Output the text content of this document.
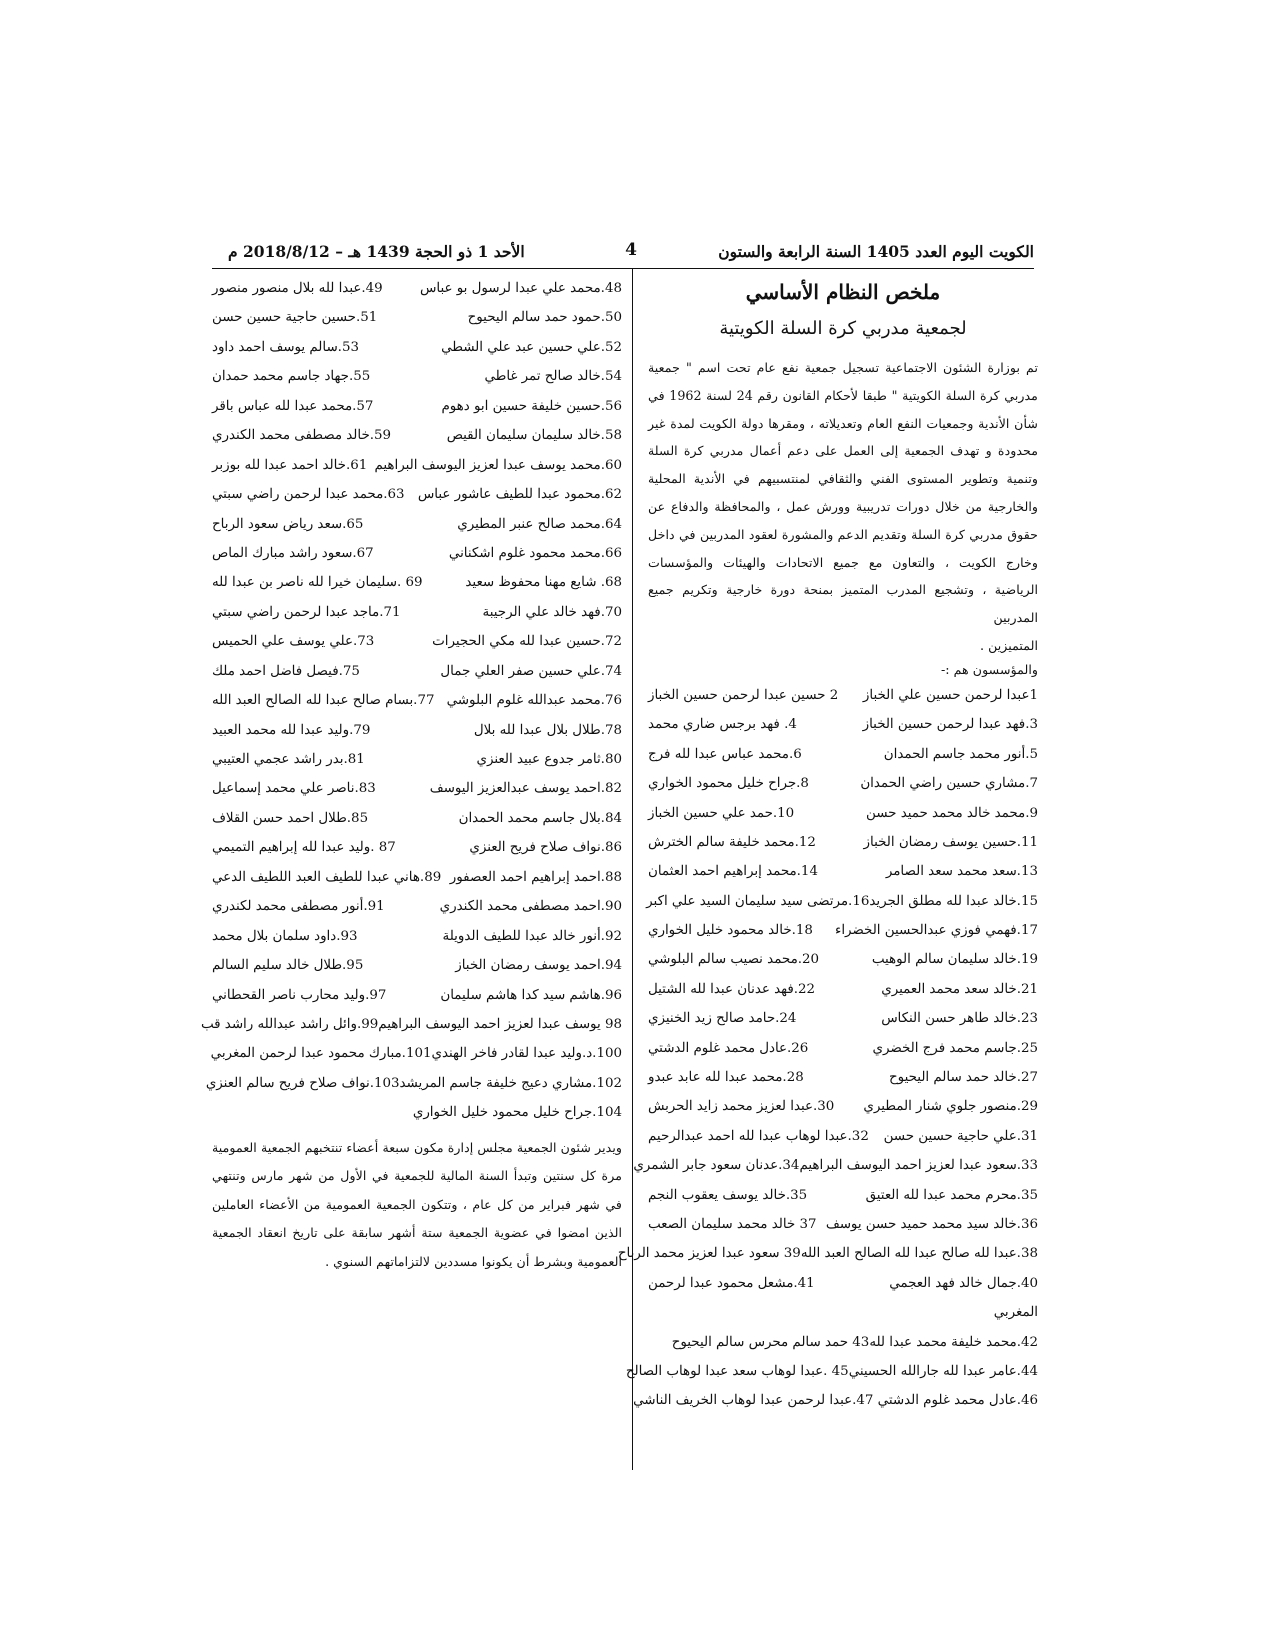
الكويت اليوم العدد 1405 السنة الرابعة والستون
4
الأحد 1 ذو الحجة 1439 هـ – 2018/8/12 م
ملخص النظام الأساسي
لجمعية مدربي كرة السلة الكويتية
تم بوزارة الشئون الاجتماعية تسجيل جمعية نفع عام تحت اسم " جمعية مدربي كرة السلة الكويتية " طبقا لأحكام القانون رقم 24 لسنة 1962 في شأن الأندية وجمعيات النفع العام وتعديلاته ، ومقرها دولة الكويت لمدة غير محدودة و تهدف الجمعية إلى العمل على دعم أعمال مدربي كرة السلة وتنمية وتطوير المستوى الفني والثقافي لمنتسبيهم في الأندية المحلية والخارجية من خلال دورات تدريبية وورش عمل ، والمحافظة والدفاع عن حقوق مدربي كرة السلة وتقديم الدعم والمشورة لعقود المدربين في داخل وخارج الكويت ، والتعاون مع جميع الاتحادات والهيئات والمؤسسات الرياضية ، وتشجيع المدرب المتميز بمنحة دورة خارجية وتكريم جميع المدربين
المتميزين .
والمؤسسون هم :-
1عبدا لرحمن حسين علي الخباز
2 حسين عبدا لرحمن حسين الخباز
3.فهد عبدا لرحمن حسين الخباز
4. فهد برجس ضاري محمد
5.أنور محمد جاسم الحمدان
6.محمد عباس عبدا لله فرج
7.مشاري حسين راضي الحمدان
8.جراح خليل محمود الخواري
9.محمد خالد محمد حميد حسن
10.حمد علي حسين الخباز
11.حسين يوسف رمضان الخباز
12.محمد خليفة سالم الخترش
13.سعد محمد سعد الصامر
14.محمد إبراهيم احمد العثمان
15.خالد عبدا لله مطلق الجريد
16.مرتضى سيد سليمان السيد علي اكبر
17.فهمي فوزي عبدالحسين الخضراء
18.خالد محمود خليل الخواري
19.خالد سليمان سالم الوهيب
20.محمد نصيب سالم البلوشي
21.خالد سعد محمد العميري
22.فهد عدنان عبدا لله الشتيل
23.خالد طاهر حسن النكاس
24.حامد صالح زيد الخنيزي
25.جاسم محمد فرج الخضري
26.عادل محمد غلوم الدشتي
27.خالد حمد سالم اليحيوح
28.محمد عبدا لله عابد عبدو
29.منصور جلوي شنار المطيري
30.عبدا لعزيز محمد زايد الحربش
31.علي حاجية حسين حسن
32.عبدا لوهاب عبدا لله احمد عبدالرحيم
33.سعود عبدا لعزيز احمد اليوسف البراهيم
34.عدنان سعود جابر الشمري
35.محرم محمد عبدا لله العتيق
35.خالد يوسف يعقوب النجم
36.خالد سيد محمد حميد حسن يوسف
37 خالد محمد سليمان الصعب
38.عبدا لله صالح عبدا لله الصالح العبد الله
39 سعود عبدا لعزيز محمد الرباح
40.جمال خالد فهد العجمي
41.مشعل محمود عبدا لرحمن
المغربي
42.محمد خليفة محمد عبدا لله43 حمد سالم محرس سالم اليحيوح
44.عامر عبدا لله جارالله الحسيني45 .عبدا لوهاب سعد عبدا لوهاب الصالح
46.عادل محمد غلوم الدشتي 47.عبدا لرحمن عبدا لوهاب الخريف الناشي
48.محمد علي عبدا لرسول بو عباس
49.عبدا لله بلال منصور منصور
50.حمود حمد سالم اليحيوح
51.حسين حاجية حسين حسن
52.علي حسين عبد علي الشطي
53.سالم يوسف احمد داود
54.خالد صالح تمر غاطي
55.جهاد جاسم محمد حمدان
56.حسين خليفة حسين ابو دهوم
57.محمد عبدا لله عباس باقر
58.خالد سليمان سليمان القيص
59.خالد مصطفى محمد الكندري
60.محمد يوسف عبدا لعزيز اليوسف البراهيم
61.خالد احمد عبدا لله بوزبر
62.محمود عبدا للطيف عاشور عباس
63.محمد عبدا لرحمن راضي سبتي
64.محمد صالح عنبر المطيري
65.سعد رياض سعود الرباح
66.محمد محمود غلوم اشكناني
67.سعود راشد مبارك الماص
68. شايع مهنا محفوظ سعيد
69 .سليمان خيرا لله ناصر بن عبدا لله
70.فهد خالد علي الرجيبة
71.ماجد عبدا لرحمن راضي سبتي
72.حسين عبدا لله مكي الحجيرات
73.علي يوسف علي الحميس
74.علي حسين صفر العلي جمال
75.فيصل فاضل احمد ملك
76.محمد عبدالله غلوم البلوشي
77.بسام صالح عبدا لله الصالح العبد الله
78.طلال بلال عبدا لله بلال
79.وليد عبدا لله محمد العبيد
80.ثامر جدوع عبيد العنزي
81.بدر راشد عجمي العتيبي
82.احمد يوسف عبدالعزيز اليوسف
83.ناصر علي محمد إسماعيل
84.بلال جاسم محمد الحمدان
85.طلال احمد حسن القلاف
86.نواف صلاح فريح العنزي
87 .وليد عبدا لله إبراهيم التميمي
88.احمد إبراهيم احمد العصفور
89.هاني عبدا للطيف العبد اللطيف الدعي
90.احمد مصطفى محمد الكندري
91.أنور مصطفى محمد لكندري
92.أنور خالد عبدا للطيف الدويلة
93.داود سلمان بلال محمد
94.احمد يوسف رمضان الخباز
95.طلال خالد سليم السالم
96.هاشم سيد كدا هاشم سليمان
97.وليد محارب ناصر القحطاني
98 يوسف عبدا لعزيز احمد اليوسف البراهيم
99.وائل راشد عبدالله راشد قب
100.د.وليد عبدا لقادر فاخر الهندي
101.مبارك محمود عبدا لرحمن المغربي
102.مشاري دعيج خليفة جاسم المريشد
103.نواف صلاح فريح سالم العنزي
104.جراح خليل محمود خليل الخواري
ويدير شئون الجمعية مجلس إدارة مكون سبعة أعضاء تنتخبهم الجمعية العمومية مرة كل سنتين وتبدأ السنة المالية للجمعية في الأول من شهر مارس وتنتهي في شهر فبراير من كل عام ، وتتكون الجمعية العمومية من الأعضاء العاملين الذين امضوا في عضوية الجمعية ستة أشهر سابقة على تاريخ انعقاد الجمعية العمومية وبشرط أن يكونوا مسددين لالتزاماتهم السنوي .
